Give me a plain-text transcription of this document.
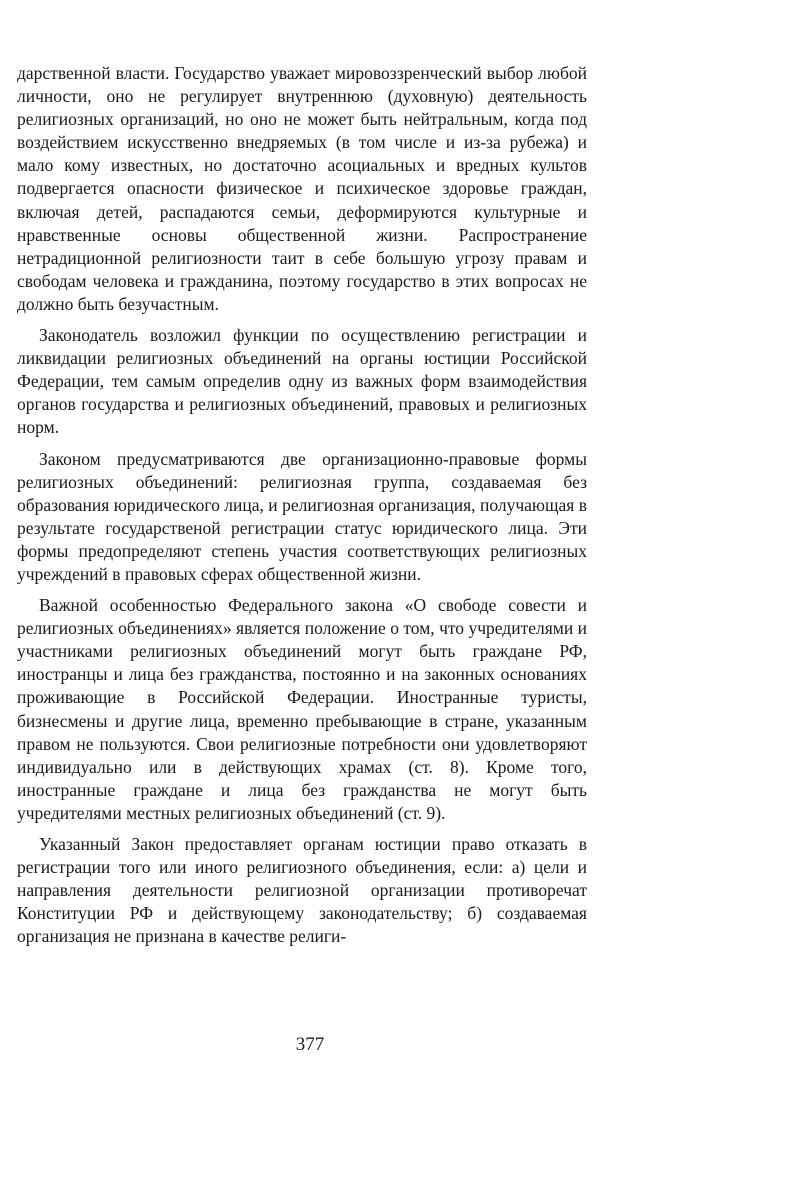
дарственной власти. Государство уважает мировоззренческий выбор любой личности, оно не регулирует внутреннюю (духовную) деятельность религиозных организаций, но оно не может быть нейтральным, когда под воздействием искусственно внедряемых (в том числе и из-за рубежа) и мало кому известных, но достаточно асоциальных и вредных культов подвергается опасности физическое и психическое здоровье граждан, включая детей, распадаются семьи, деформируются культурные и нравственные основы общественной жизни. Распространение нетрадиционной религиозности таит в себе большую угрозу правам и свободам человека и гражданина, поэтому государство в этих вопросах не должно быть безучастным.

Законодатель возложил функции по осуществлению регистрации и ликвидации религиозных объединений на органы юстиции Российской Федерации, тем самым определив одну из важных форм взаимодействия органов государства и религиозных объединений, правовых и религиозных норм.

Законом предусматриваются две организационно-правовые формы религиозных объединений: религиозная группа, создаваемая без образования юридического лица, и религиозная организация, получающая в результате государственой регистрации статус юридического лица. Эти формы предопределяют степень участия соответствующих религиозных учреждений в правовых сферах общественной жизни.

Важной особенностью Федерального закона «О свободе совести и религиозных объединениях» является положение о том, что учредителями и участниками религиозных объединений могут быть граждане РФ, иностранцы и лица без гражданства, постоянно и на законных основаниях проживающие в Российской Федерации. Иностранные туристы, бизнесмены и другие лица, временно пребывающие в стране, указанным правом не пользуются. Свои религиозные потребности они удовлетворяют индивидуально или в действующих храмах (ст. 8). Кроме того, иностранные граждане и лица без гражданства не могут быть учредителями местных религиозных объединений (ст. 9).

Указанный Закон предоставляет органам юстиции право отказать в регистрации того или иного религиозного объединения, если: а) цели и направления деятельности религиозной организации противоречат Конституции РФ и действующему законодательству; б) создаваемая организация не признана в качестве религи-

377
